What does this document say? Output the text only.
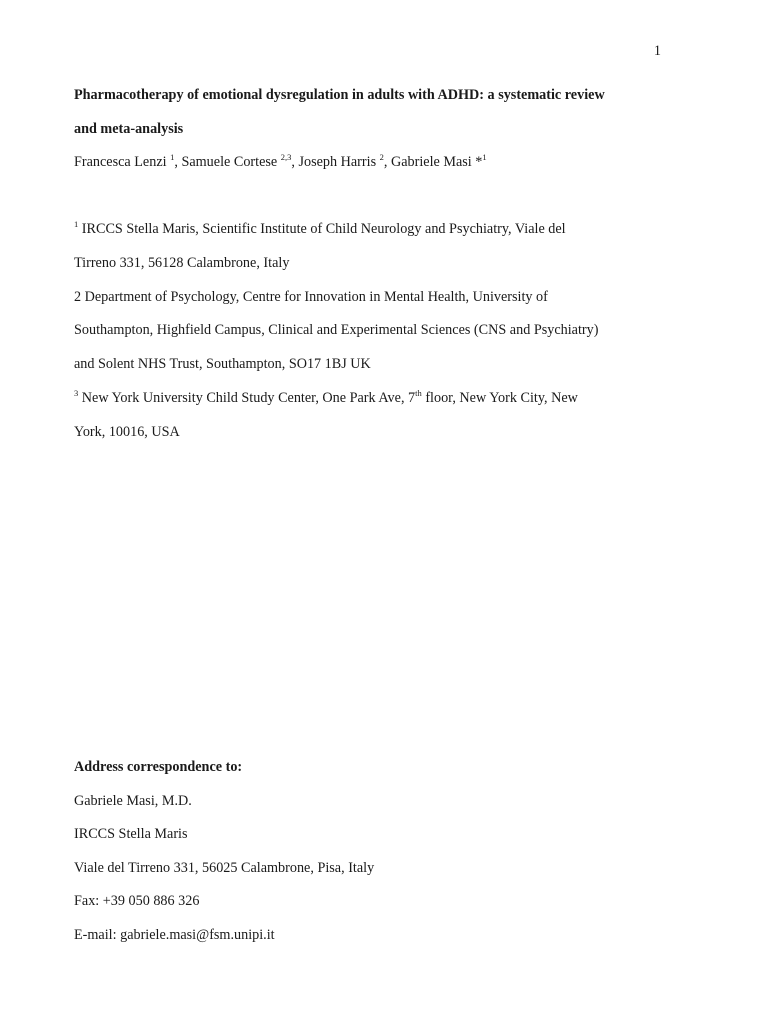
1
Pharmacotherapy of emotional dysregulation in adults with ADHD: a systematic review
and meta-analysis
Francesca Lenzi $^1$, Samuele Cortese $^{2,3}$, Joseph Harris $^2$, Gabriele Masi *$^1$
$^1$ IRCCS Stella Maris, Scientific Institute of Child Neurology and Psychiatry, Viale del
Tirreno 331, 56128 Calambrone, Italy
2 Department of Psychology, Centre for Innovation in Mental Health, University of
Southampton, Highfield Campus, Clinical and Experimental Sciences (CNS and Psychiatry)
and Solent NHS Trust, Southampton, SO17 1BJ UK
$^3$ New York University Child Study Center, One Park Ave, 7th floor, New York City, New
York, 10016, USA
Address correspondence to:
Gabriele Masi, M.D.
IRCCS Stella Maris
Viale del Tirreno 331, 56025 Calambrone, Pisa, Italy
Fax: +39 050 886 326
E-mail: gabriele.masi@fsm.unipi.it
